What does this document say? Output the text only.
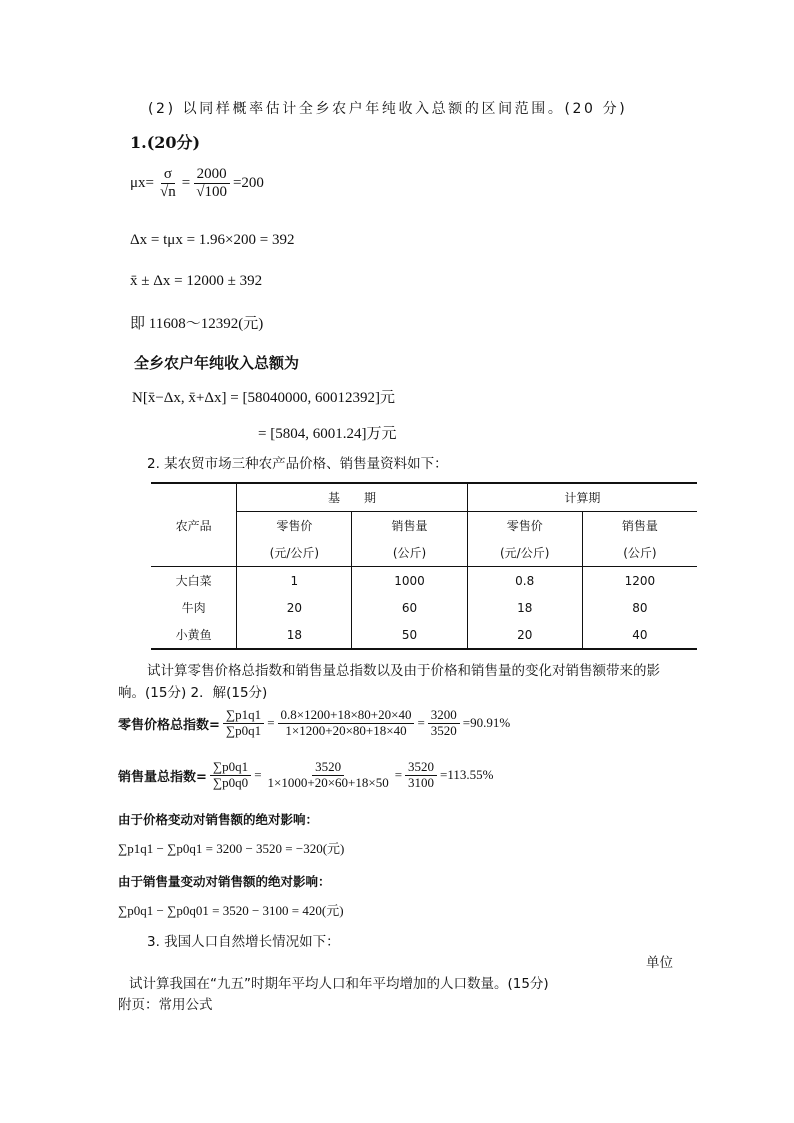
(2) 以同样概率估计全乡农户年纯收入总额的区间范围。(20 分)
1.(20分)
$\mu x = \frac{\sigma}{√n} = \frac{2000}{√100} =200$
Δx = tμx = 1.96×200 = 392
x̄ ± Δx = 12000 ± 392
即 11608～12392(元)
全乡农户年纯收入总额为
N[x̄−Δx, x̄+Δx] = [58040000, 60012392]元
= [5804, 6001.24]万元
2. 某农贸市场三种农产品价格、销售量资料如下：
农产品	基　　期		计算期	
	零售价	销售量	零售价	销售量
	(元/公斤)	(公斤)	(元/公斤)	(公斤)
大白菜	1	1000	0.8	1200
牛肉	20	60	18	80
小黄鱼	18	50	20	40
试计算零售价格总指数和销售量总指数以及由于价格和销售量的变化对销售额带来的影响。(15分) 2．解(15分)
零售价格总指数= $\frac{\sum p1q1}{\sum p0q1} = \frac{0.8\times 1200+18\times 80+20\times 40}{1\times 1200+20\times 80+18\times 40} = \frac{3200}{3520} =90.91\%$
销售量总指数= $\frac{\sum p0q1}{\sum p0q0} = \frac{3520}{1\times 1000+20\times 60+18\times 50} = \frac{3520}{3100} =113.55\%$
由于价格变动对销售额的绝对影响：
∑p1q1 − ∑p0q1 = 3200 − 3520 = −320(元)
由于销售量变动对销售额的绝对影响：
∑p0q1 − ∑p0q01 = 3520 − 3100 = 420(元)
3. 我国人口自然增长情况如下：
单位
试计算我国在“九五”时期年平均人口和年平均增加的人口数量。(15分)
附页：常用公式
